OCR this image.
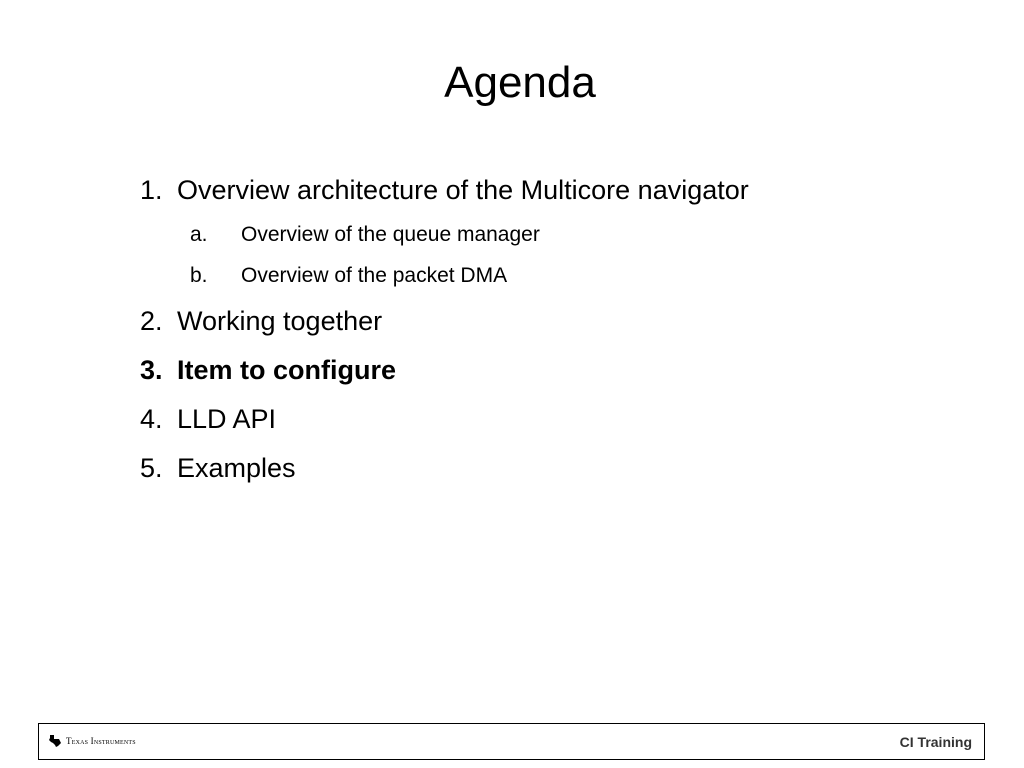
Agenda
1. Overview architecture of the Multicore navigator
a.	Overview of the queue manager
b.	Overview of the packet DMA
2. Working together
3. Item to configure
4. LLD API
5. Examples
Texas Instruments	CI Training
